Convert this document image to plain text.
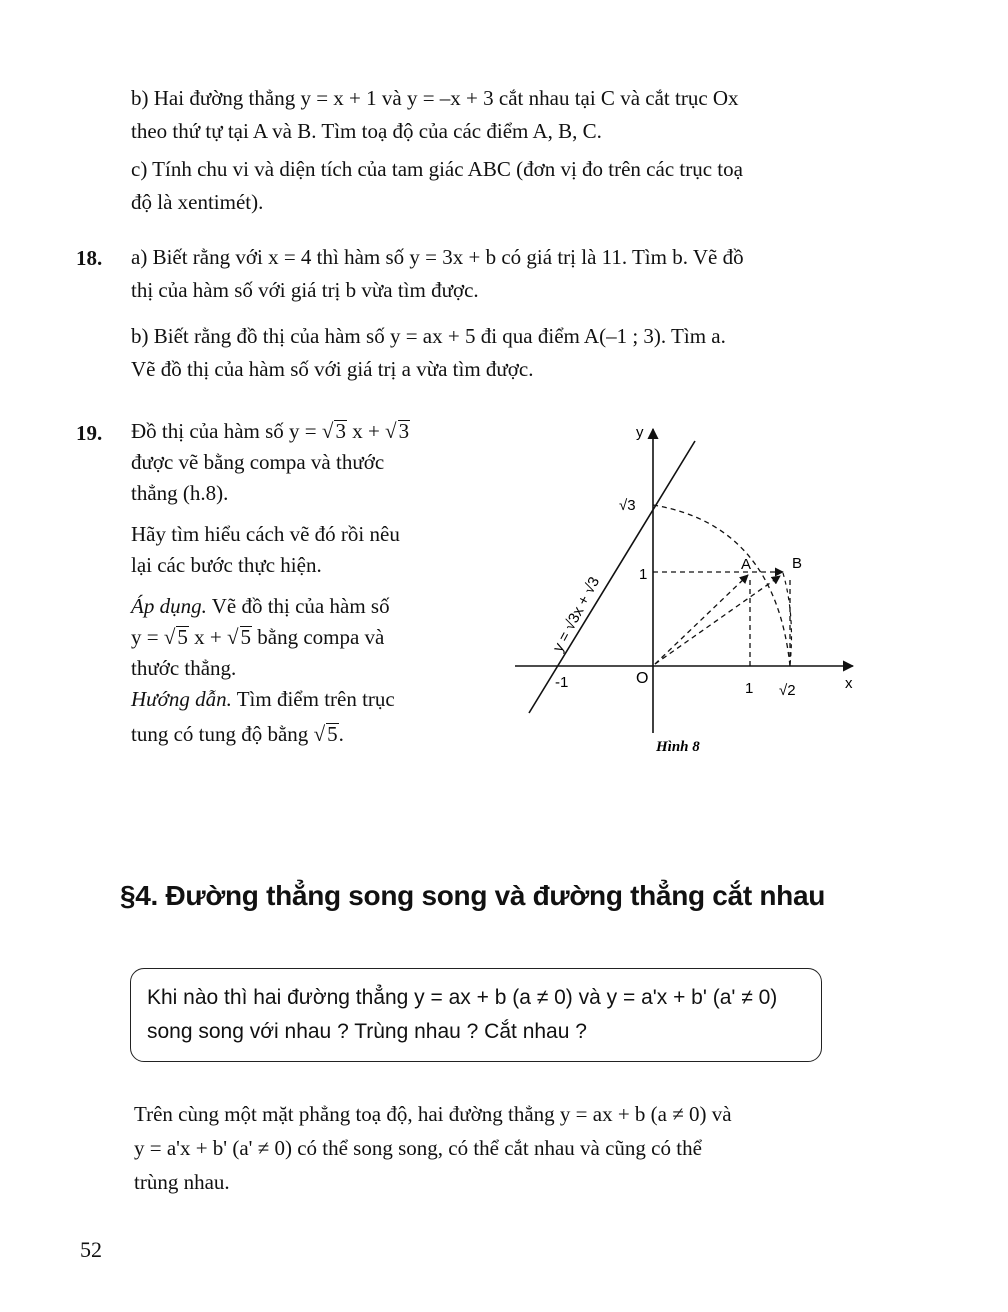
b) Hai đường thẳng y = x + 1 và y = –x + 3 cắt nhau tại C và cắt trục Ox
theo thứ tự tại A và B. Tìm toạ độ của các điểm A, B, C.
c) Tính chu vi và diện tích của tam giác ABC (đơn vị đo trên các trục toạ
độ là xentimét).
18. a) Biết rằng với x = 4 thì hàm số y = 3x + b có giá trị là 11. Tìm b. Vẽ đồ
thị của hàm số với giá trị b vừa tìm được.
b) Biết rằng đồ thị của hàm số y = ax + 5 đi qua điểm A(–1 ; 3). Tìm a.
Vẽ đồ thị của hàm số với giá trị a vừa tìm được.
19. Đồ thị của hàm số y = √3 x + √3
được vẽ bằng compa và thước
thẳng (h.8).
Hãy tìm hiểu cách vẽ đó rồi nêu
lại các bước thực hiện.
Áp dụng. Vẽ đồ thị của hàm số
y = √5 x + √5 bằng compa và
thước thẳng.
Hướng dẫn. Tìm điểm trên trục
tung có tung độ bằng √5.
y
x
O
√3
1
-1	1 √2
A	B
y = √3x + √3
Hình 8
§4. Đường thẳng song song và đường thẳng cắt nhau
Khi nào thì hai đường thẳng y = ax + b (a ≠ 0) và y = a'x + b' (a' ≠ 0)
song song với nhau ? Trùng nhau ? Cắt nhau ?
Trên cùng một mặt phẳng toạ độ, hai đường thẳng y = ax + b (a ≠ 0) và
y = a'x + b' (a' ≠ 0) có thể song song, có thể cắt nhau và cũng có thể
trùng nhau.
52
